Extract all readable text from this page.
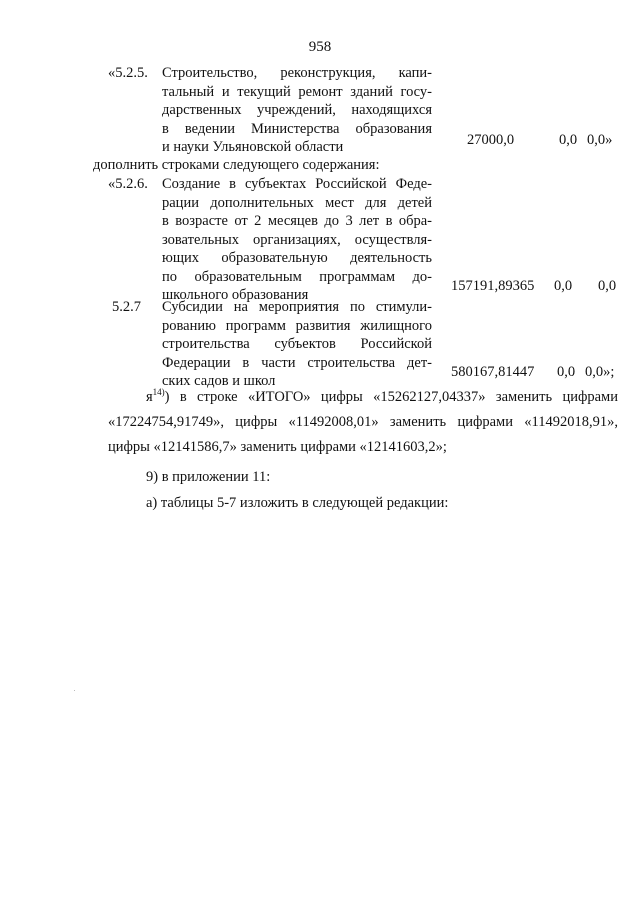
958
«5.2.5. Строительство, реконструкция, капи-
тальный и текущий ремонт зданий госу-
дарственных учреждений, находящихся
в ведении Министерства образования
и науки Ульяновской области	27000,0	0,0 0,0»
дополнить строками следующего содержания:
«5.2.6. Создание в субъектах Российской Феде-
рации дополнительных мест для детей
в возрасте от 2 месяцев до 3 лет в обра-
зовательных организациях, осуществля-
ющих образовательную деятельность
по образовательным программам до-
школьного образования
157191,89365 0,0 0,0
5.2.7 Субсидии на мероприятия по стимули-
рованию программ развития жилищного
строительства субъектов Российской
Федерации в части строительства дет-
ских садов и школ
580167,81447 0,0 0,0»;
$я^{14)}$) в строке «ИТОГО» цифры «15262127,04337» заменить цифрами
«17224754,91749», цифры «11492008,01» заменить цифрами «11492018,91»,
цифры «12141586,7» заменить цифрами «12141603,2»;
9) в приложении 11:
а) таблицы 5-7 изложить в следующей редакции:
